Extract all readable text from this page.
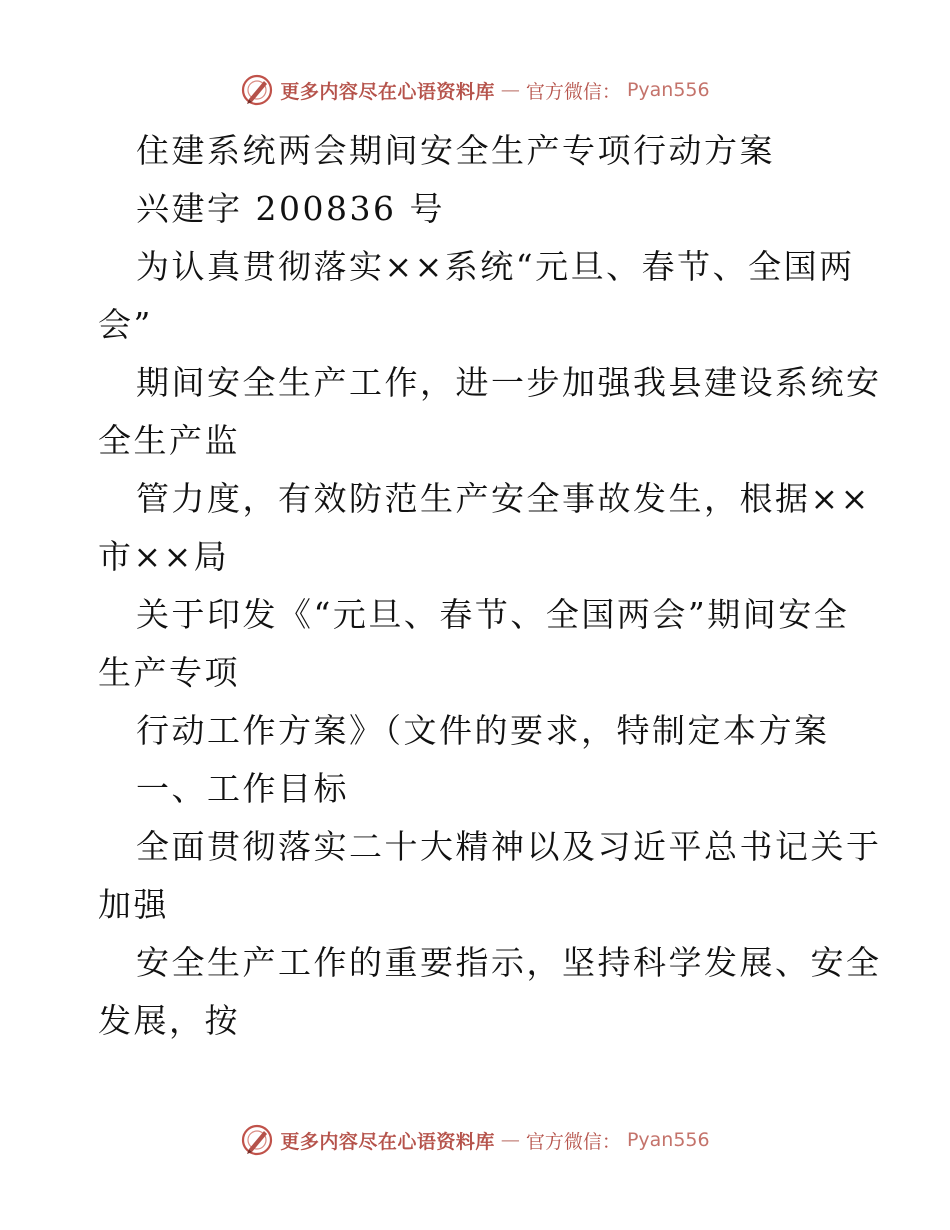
更多内容尽在心语资料库 — 官方微信： Pyan556

住建系统两会期间安全生产专项行动方案

兴建字 200836 号

为认真贯彻落实××系统“元旦、春节、全国两

会”

期间安全生产工作，进一步加强我县建设系统安

全生产监

管力度，有效防范生产安全事故发生，根据××

市××局

关于印发《“元旦、春节、全国两会”期间安全

生产专项

行动工作方案》（文件的要求，特制定本方案

一、工作目标

全面贯彻落实二十大精神以及习近平总书记关于

加强

安全生产工作的重要指示，坚持科学发展、安全

发展，按

更多内容尽在心语资料库 — 官方微信： Pyan556
